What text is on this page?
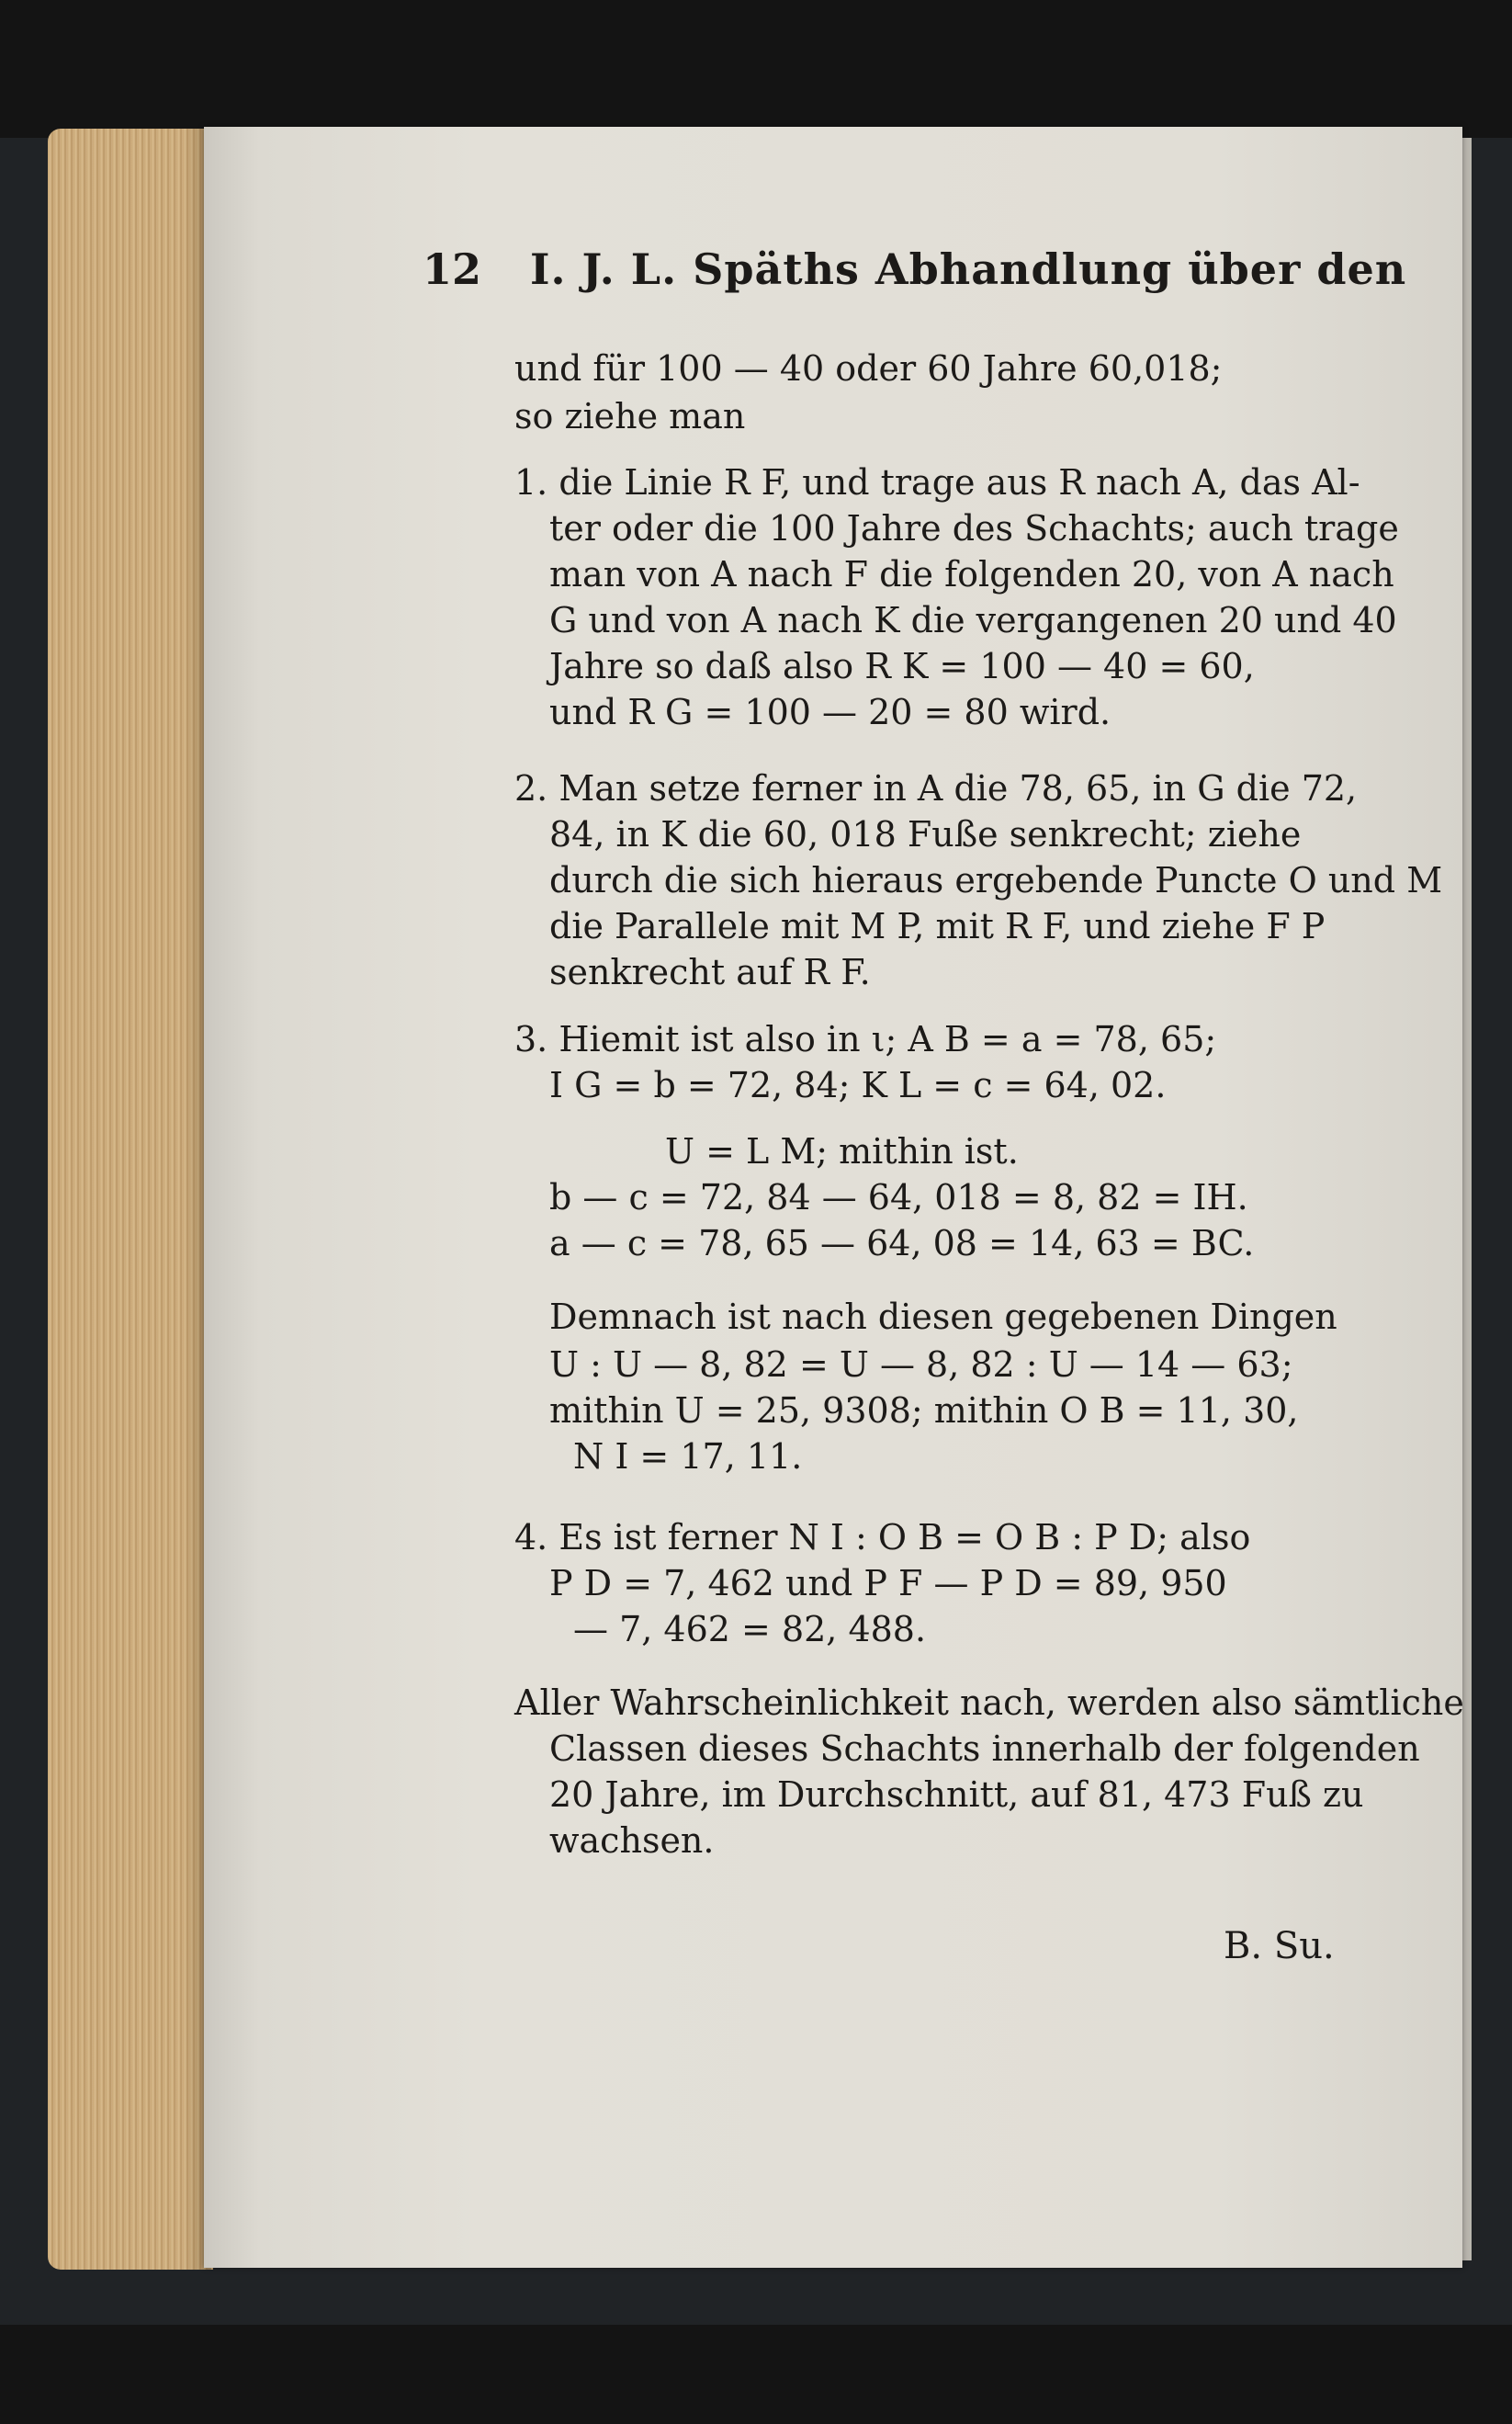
12 I. J. L. Späths Abhandlung über den
und für 100 — 40 oder 60 Jahre 60,018;
so ziehe man
1. die Linie R F, und trage aus R nach A, das Al-
ter oder die 100 Jahre des Schachts; auch trage
man von A nach F die folgenden 20, von A nach
G und von A nach K die vergangenen 20 und 40
Jahre so daß also R K = 100 — 40 = 60,
und R G = 100 — 20 = 80 wird.
2. Man setze ferner in A die 78, 65, in G die 72,
84, in K die 60, 018 Fuße senkrecht; ziehe
durch die sich hieraus ergebende Puncte O und M
die Parallele mit M P, mit R F, und ziehe F P
senkrecht auf R F.
3. Hiemit ist also in ι; A B = a = 78, 65;
I G = b = 72, 84; K L = c = 64, 02.
U = L M; mithin ist.
b — c = 72, 84 — 64, 018 = 8, 82 = IH.
a — c = 78, 65 — 64, 08 = 14, 63 = BC.
Demnach ist nach diesen gegebenen Dingen
U : U — 8, 82 = U — 8, 82 : U — 14 — 63;
mithin U = 25, 9308; mithin O B = 11, 30,
N I = 17, 11.
4. Es ist ferner N I : O B = O B : P D; also
P D = 7, 462 und P F — P D = 89, 950
— 7, 462 = 82, 488.
Aller Wahrscheinlichkeit nach, werden also sämtliche
Classen dieses Schachts innerhalb der folgenden
20 Jahre, im Durchschnitt, auf 81, 473 Fuß zu
wachsen.
B. Su.
